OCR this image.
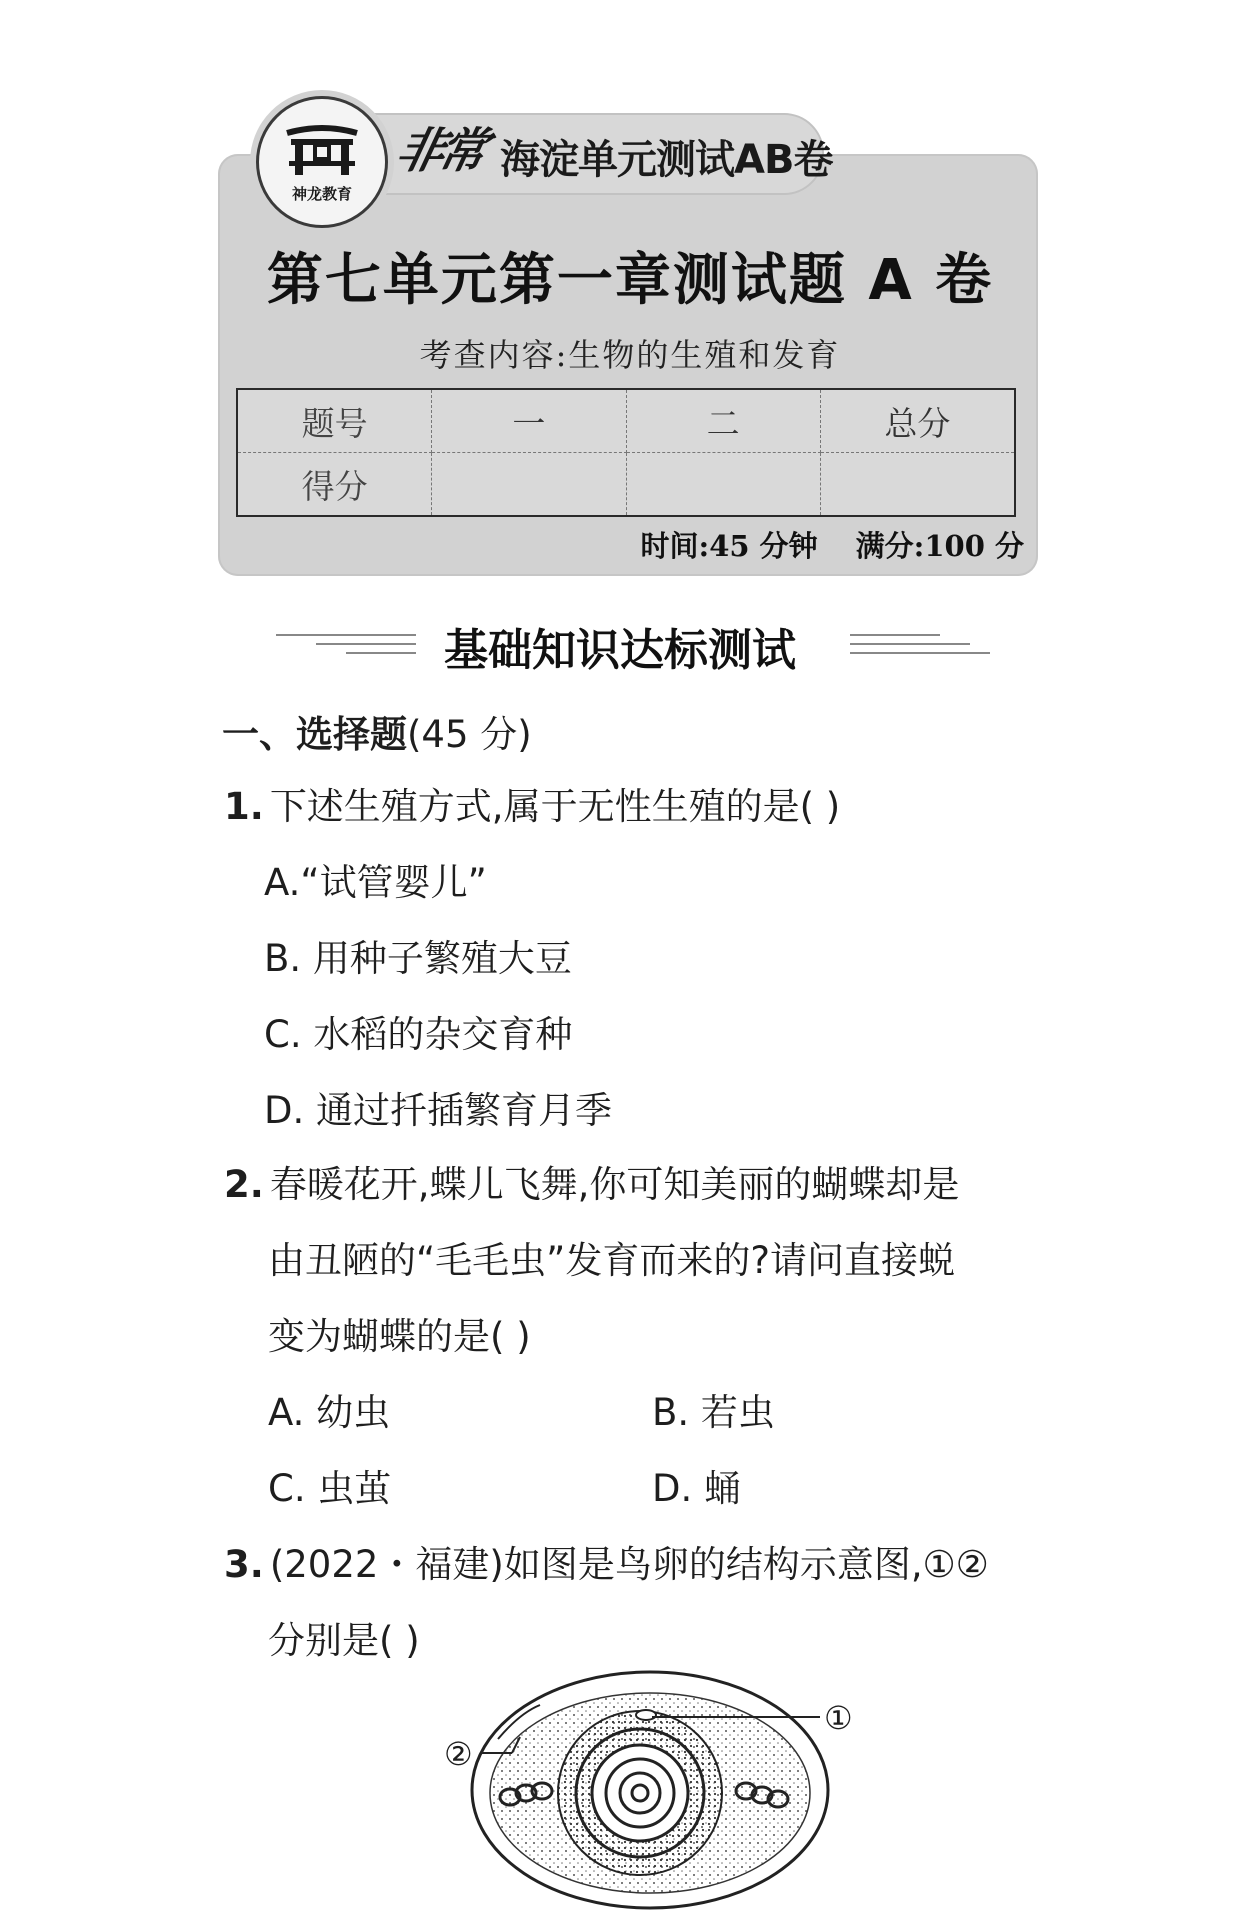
神龙教育
非常 海淀单元测试AB卷
第七单元第一章测试题 A 卷
考查内容:生物的生殖和发育
题号	一	二	总分
得分			
时间:45 分钟 满分:100 分
基础知识达标测试
一、选择题(45 分)
1. 下述生殖方式,属于无性生殖的是( )
A.“试管婴儿”
B. 用种子繁殖大豆
C. 水稻的杂交育种
D. 通过扦插繁育月季
2. 春暖花开,蝶儿飞舞,你可知美丽的蝴蝶却是
由丑陋的“毛毛虫”发育而来的?请问直接蜕
变为蝴蝶的是( )
A. 幼虫	B. 若虫
C. 虫茧	D. 蛹
3. (2022・福建)如图是鸟卵的结构示意图,①②
分别是( )
①
②
